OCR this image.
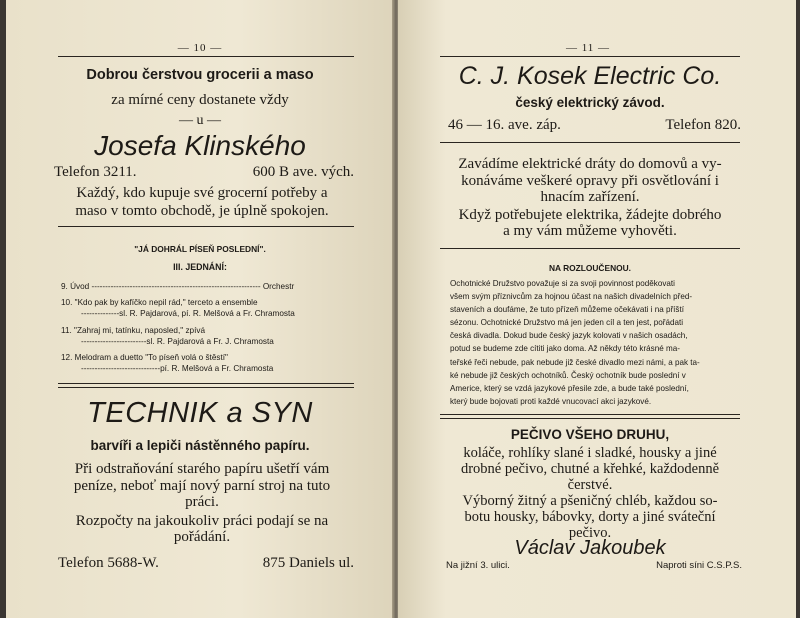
— 10 —
Dobrou čerstvou grocerii a maso
za mírné ceny dostanete vždy
— u —
Josefa Klinského
Telefon 3211.	600 B ave. vých.
Každý, kdo kupuje své grocerní potřeby a
maso v tomto obchodě, je úplně spokojen.
"JÁ DOHRÁL PÍSEŇ POSLEDNÍ".
III. JEDNÁNÍ:
9. Úvod -------------------------------------------------------------- Orchestr
10. "Kdo pak by kafíčko nepil rád," terceto a ensemble
--------------sl. R. Pajdarová, pí. R. Melšová a Fr. Chramosta
11. "Zahraj mi, tatínku, naposled," zpívá
------------------------sl. R. Pajdarová a Fr. J. Chramosta
12. Melodram a duetto "To píseň volá o štěstí"
-----------------------------pí. R. Melšová a Fr. Chramosta
TECHNIK a SYN
barvíři a lepiči nástěnného papíru.
Při odstraňování starého papíru ušetří vám
peníze, neboť mají nový parní stroj na tuto
práci.
Rozpočty na jakoukoliv práci podají se na
pořádání.
Telefon 5688-W.	875 Daniels ul.
— 11 —
C. J. Kosek Electric Co.
český elektrický závod.
46 — 16. ave. záp.	Telefon 820.
Zavádíme elektrické dráty do domovů a vy-
konáváme veškeré opravy při osvětlování i
hnacím zařízení.
Když potřebujete elektrika, žádejte dobrého
a my vám můžeme vyhověti.
NA ROZLOUČENOU.

Ochotnické Družstvo považuje si za svoji povinnost poděkovati

všem svým příznivcům za hojnou účast na našich divadelních před-

staveních a doufáme, že tuto přízeň můžeme očekávati i na příští

sézonu. Ochotnické Družstvo má jen jeden cíl a ten jest, pořádati

česká divadla. Dokud bude český jazyk kolovati v našich osadách,

potud se budeme zde cítiti jako doma. Až někdy této krásné ma-

teřské řeči nebude, pak nebude již české divadlo mezi námi, a pak ta-

ké nebude již českých ochotníků. Český ochotník bude poslední v

Americe, který se vzdá jazykové přesile zde, a bude také poslední,

který bude bojovati proti každé vnucovací akci jazykové.

PEČIVO VŠEHO DRUHU,
koláče, rohlíky slané i sladké, housky a jiné
drobné pečivo, chutné a křehké, každodenně
čerstvé.
Výborný žitný a pšeničný chléb, každou so-
botu housky, bábovky, dorty a jiné sváteční
pečivo.
Václav Jakoubek
Na jižní 3. ulici.	Naproti síni C.S.P.S.
